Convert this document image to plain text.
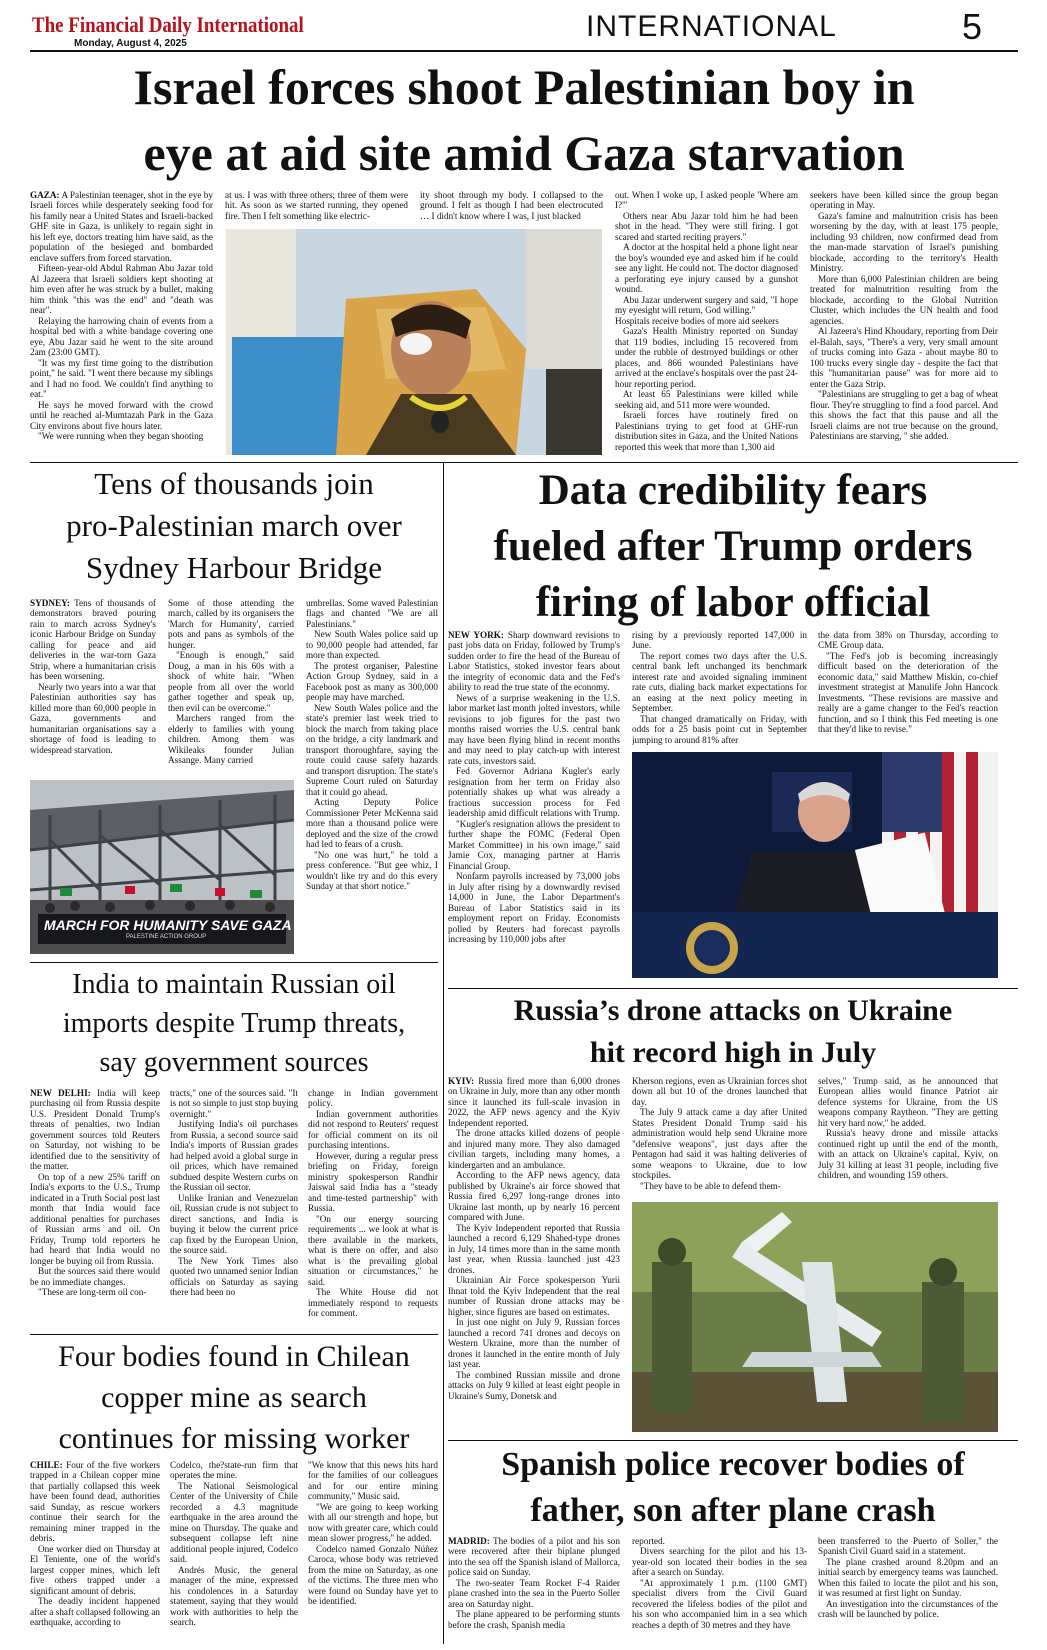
The Financial Daily International
Monday, August 4, 2025
INTERNATIONAL	5
Israel forces shoot Palestinian boy in
eye at aid site amid Gaza starvation

GAZA: A Palestinian teenager, shot in the eye by Israeli forces while desperately seeking food for his family near a United States and Israeli-backed GHF site in Gaza, is unlikely to regain sight in his left eye, doctors treating him have said, as the population of the besieged and bombarded enclave suffers from forced starvation.

Fifteen-year-old Abdul Rahman Abu Jazar told Al Jazeera that Israeli soldiers kept shooting at him even after he was struck by a bullet, making him think "this was the end" and "death was near".

Relaying the harrowing chain of events from a hospital bed with a white bandage covering one eye, Abu Jazar said he went to the site around 2am (23:00 GMT).

"It was my first time going to the distribution point," he said. "I went there because my siblings and I had no food. We couldn't find anything to eat."

He says he moved forward with the crowd until he reached al-Mumtazah Park in the Gaza City environs about five hours later.

"We were running when they began shooting

at us. I was with three others; three of them were hit. As soon as we started running, they opened fire. Then I felt something like electric-

ity shoot through my body. I collapsed to the ground. I felt as though I had been electrocuted … I didn't know where I was, I just blacked

out. When I woke up, I asked people 'Where am I?'"

Others near Abu Jazar told him he had been shot in the head. "They were still firing. I got scared and started reciting prayers."

A doctor at the hospital held a phone light near the boy's wounded eye and asked him if he could see any light. He could not. The doctor diagnosed a perforating eye injury caused by a gunshot wound.

Abu Jazar underwent surgery and said, "I hope my eyesight will return, God willing."

Hospitals receive bodies of more aid seekers

Gaza's Health Ministry reported on Sunday that 119 bodies, including 15 recovered from under the rubble of destroyed buildings or other places, and 866 wounded Palestinians have arrived at the enclave's hospitals over the past 24-hour reporting period.

At least 65 Palestinians were killed while seeking aid, and 511 more were wounded.

Israeli forces have routinely fired on Palestinians trying to get food at GHF-run distribution sites in Gaza, and the United Nations reported this week that more than 1,300 aid

seekers have been killed since the group began operating in May.

Gaza's famine and malnutrition crisis has been worsening by the day, with at least 175 people, including 93 children, now confirmed dead from the man-made starvation of Israel's punishing blockade, according to the territory's Health Ministry.

More than 6,000 Palestinian children are being treated for malnutrition resulting from the blockade, according to the Global Nutrition Cluster, which includes the UN health and food agencies.

Al Jazeera's Hind Khoudary, reporting from Deir el-Balah, says, "There's a very, very small amount of trucks coming into Gaza - about maybe 80 to 100 trucks every single day - despite the fact that this "humanitarian pause" was for more aid to enter the Gaza Strip.

"Palestinians are struggling to get a bag of wheat flour. They're struggling to find a food parcel. And this shows the fact that this pause and all the Israeli claims are not true because on the ground, Palestinians are starving, " she added.

Tens of thousands join
pro-Palestinian march over
Sydney Harbour Bridge

SYDNEY: Tens of thousands of demonstrators braved pouring rain to march across Sydney's iconic Harbour Bridge on Sunday calling for peace and aid deliveries in the war-torn Gaza Strip, where a humanitarian crisis has been worsening.

Nearly two years into a war that Palestinian authorities say has killed more than 60,000 people in Gaza, governments and humanitarian organisations say a shortage of food is leading to widespread starvation.

Some of those attending the march, called by its organisers the 'March for Humanity', carried pots and pans as symbols of the hunger.

"Enough is enough," said Doug, a man in his 60s with a shock of white hair. "When people from all over the world gather together and speak up, then evil can be overcome."

Marchers ranged from the elderly to families with young children. Among them was Wikileaks founder Julian Assange. Many carried

MARCH FOR HUMANITY SAVE GAZA
PALESTINE ACTION GROUP

umbrellas. Some waved Palestinian flags and chanted "We are all Palestinians."

New South Wales police said up to 90,000 people had attended, far more than expected.

The protest organiser, Palestine Action Group Sydney, said in a Facebook post as many as 300,000 people may have marched.

New South Wales police and the state's premier last week tried to block the march from taking place on the bridge, a city landmark and transport thoroughfare, saying the route could cause safety hazards and transport disruption. The state's Supreme Court ruled on Saturday that it could go ahead.

Acting Deputy Police Commissioner Peter McKenna said more than a thousand police were deployed and the size of the crowd had led to fears of a crush.

"No one was hurt," he told a press conference. "But gee whiz, I wouldn't like try and do this every Sunday at that short notice."

Data credibility fears
fueled after Trump orders
firing of labor official

NEW YORK: Sharp downward revisions to past jobs data on Friday, followed by Trump's sudden order to fire the head of the Bureau of Labor Statistics, stoked investor fears about the integrity of economic data and the Fed's ability to read the true state of the economy.

News of a surprise weakening in the U.S. labor market last month jolted investors, while revisions to job figures for the past two months raised worries the U.S. central bank may have been flying blind in recent months and may need to play catch-up with interest rate cuts, investors said.

Fed Governor Adriana Kugler's early resignation from her term on Friday also potentially shakes up what was already a fractious succession process for Fed leadership amid difficult relations with Trump.

"Kugler's resignation allows the president to further shape the FOMC (Federal Open Market Committee) in his own image," said Jamie Cox, managing partner at Harris Financial Group.

Nonfarm payrolls increased by 73,000 jobs in July after rising by a downwardly revised 14,000 in June, the Labor Department's Bureau of Labor Statistics said in its employment report on Friday. Economists polled by Reuters had forecast payrolls increasing by 110,000 jobs after

rising by a previously reported 147,000 in June.

The report comes two days after the U.S. central bank left unchanged its benchmark interest rate and avoided signaling imminent rate cuts, dialing back market expectations for an easing at the next policy meeting in September.

That changed dramatically on Friday, with odds for a 25 basis point cut in September jumping to around 81% after

the data from 38% on Thursday, according to CME Group data.

"The Fed's job is becoming increasingly difficult based on the deterioration of the economic data," said Matthew Miskin, co-chief investment strategist at Manulife John Hancock Investments. "These revisions are massive and really are a game changer to the Fed's reaction function, and so I think this Fed meeting is one that they'd like to revise."

India to maintain Russian oil
imports despite Trump threats,
say government sources

NEW DELHI: India will keep purchasing oil from Russia despite U.S. President Donald Trump's threats of penalties, two Indian government sources told Reuters on Saturday, not wishing to be identified due to the sensitivity of the matter.

On top of a new 25% tariff on India's exports to the U.S., Trump indicated in a Truth Social post last month that India would face additional penalties for purchases of Russian arms and oil. On Friday, Trump told reporters he had heard that India would no longer be buying oil from Russia.

But the sources said there would be no immediate changes.

"These are long-term oil con-

tracts," one of the sources said. "It is not so simple to just stop buying overnight."

Justifying India's oil purchases from Russia, a second source said India's imports of Russian grades had helped avoid a global surge in oil prices, which have remained subdued despite Western curbs on the Russian oil sector.

Unlike Iranian and Venezuelan oil, Russian crude is not subject to direct sanctions, and India is buying it below the current price cap fixed by the European Union, the source said.

The New York Times also quoted two unnamed senior Indian officials on Saturday as saying there had been no

change in Indian government policy.

Indian government authorities did not respond to Reuters' request for official comment on its oil purchasing intentions.

However, during a regular press briefing on Friday, foreign ministry spokesperson Randhir Jaiswal said India has a "steady and time-tested partnership" with Russia.

"On our energy sourcing requirements ... we look at what is there available in the markets, what is there on offer, and also what is the prevailing global situation or circumstances," he said.

The White House did not immediately respond to requests for comment.

Russia’s drone attacks on Ukraine
hit record high in July

KYIV: Russia fired more than 6,000 drones on Ukraine in July, more than any other month since it launched its full-scale invasion in 2022, the AFP news agency and the Kyiv Independent reported.

The drone attacks killed dozens of people and injured many more. They also damaged civilian targets, including many homes, a kindergarten and an ambulance.

According to the AFP news agency, data published by Ukraine's air force showed that Russia fired 6,297 long-range drones into Ukraine last month, up by nearly 16 percent compared with June.

The Kyiv Independent reported that Russia launched a record 6,129 Shahed-type drones in July, 14 times more than in the same month last year, when Russia launched just 423 drones.

Ukrainian Air Force spokesperson Yurii Ihnat told the Kyiv Independent that the real number of Russian drone attacks may be higher, since figures are based on estimates.

In just one night on July 9, Russian forces launched a record 741 drones and decoys on Western Ukraine, more than the number of drones it launched in the entire month of July last year.

The combined Russian missile and drone attacks on July 9 killed at least eight people in Ukraine's Sumy, Donetsk and

Kherson regions, even as Ukrainian forces shot down all but 10 of the drones launched that day.

The July 9 attack came a day after United States President Donald Trump said his administration would help send Ukraine more "defensive weapons", just days after the Pentagon had said it was halting deliveries of some weapons to Ukraine, due to low stockpiles.

"They have to be able to defend them-

selves," Trump said, as he announced that European allies would finance Patriot air defence systems for Ukraine, from the US weapons company Raytheon. "They are getting hit very hard now," he added.

Russia's heavy drone and missile attacks continued right up until the end of the month, with an attack on Ukraine's capital, Kyiv, on July 31 killing at least 31 people, including five children, and wounding 159 others.

Four bodies found in Chilean
copper mine as search
continues for missing worker

CHILE: Four of the five workers trapped in a Chilean copper mine that partially collapsed this week have been found dead, authorities said Sunday, as rescue workers continue their search for the remaining miner trapped in the debris.

One worker died on Thursday at El Teniente, one of the world's largest copper mines, which left five others trapped under a significant amount of debris.

The deadly incident happened after a shaft collapsed following an earthquake, according to

Codelco, the?state-run firm that operates the mine.

The National Seismological Center of the University of Chile recorded a 4.3 magnitude earthquake in the area around the mine on Thursday. The quake and subsequent collapse left nine additional people injured, Codelco said.

Andrés Music, the general manager of the mine, expressed his condolences in a Saturday statement, saying that they would work with authorities to help the search.

"We know that this news hits hard for the families of our colleagues and for our entire mining community," Music said.

"We are going to keep working with all our strength and hope, but now with greater care, which could mean slower progress," he added.

Codelco named Gonzalo Núñez Caroca, whose body was retrieved from the mine on Saturday, as one of the victims. The three men who were found on Sunday have yet to be identified.

Spanish police recover bodies of
father, son after plane crash

MADRID: The bodies of a pilot and his son were recovered after their biplane plunged into the sea off the Spanish island of Mallorca, police said on Sunday.

The two-seater Team Rocket F-4 Raider plane crashed into the sea in the Puerto Soller area on Saturday night.

The plane appeared to be performing stunts before the crash, Spanish media

reported.

Divers searching for the pilot and his 13-year-old son located their bodies in the sea after a search on Sunday.

"At approximately 1 p.m. (1100 GMT) specialist divers from the Civil Guard recovered the lifeless bodies of the pilot and his son who accompanied him in a sea which reaches a depth of 30 metres and they have

been transferred to the Puerto of Soller," the Spanish Civil Guard said in a statement.

The plane crashed around 8.20pm and an initial search by emergency teams was launched. When this failed to locate the pilot and his son, it was resumed at first light on Sunday.

An investigation into the circumstances of the crash will be launched by police.
